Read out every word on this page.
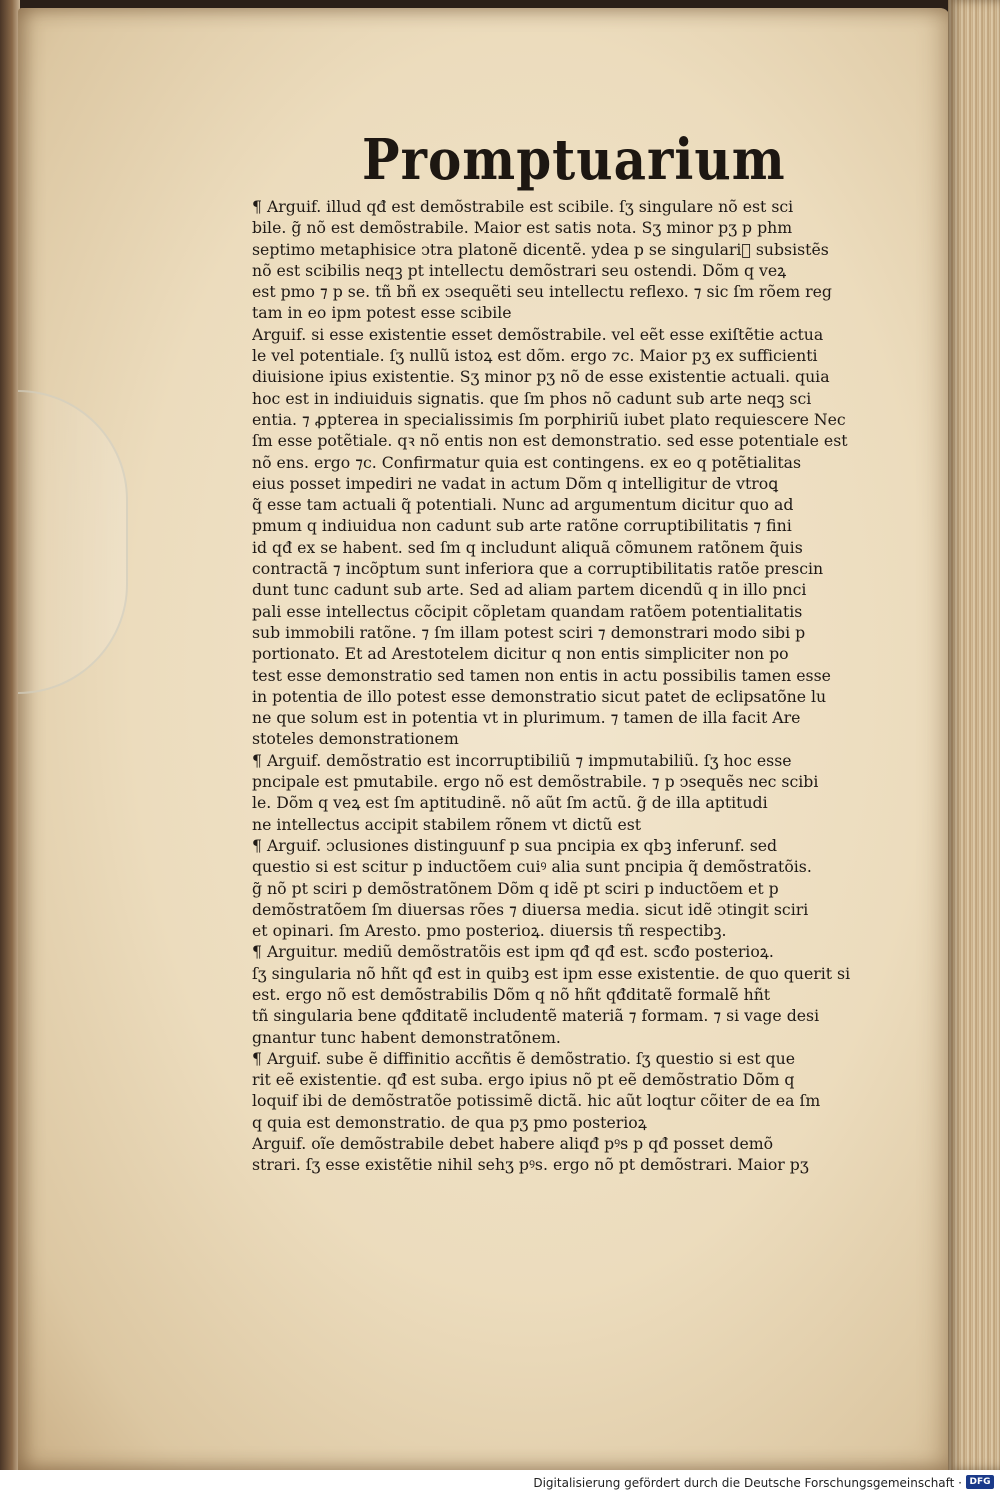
Promptuarium
¶ Arguif. illud qđ est demõstrabile est scibile. ſʒ singulare nõ est sci
bile. g̃ nõ est demõstrabile. Maior est satis nota. Sʒ minor pʒ p phm
septimo metaphisice ↄtra platonẽ dicentẽ. ydea p se singulariᷓ subsistẽs
nõ est scibilis neqꝫ pt intellectu demõstrari seu ostendi. Dõm q veꝝ
est pmo ⁊ p se. tñ bñ ex ↄsequẽti seu intellectu reflexo. ⁊ sic ſm rõem reg
tam in eo ipm potest esse scibile
Arguif. si esse existentie esset demõstrabile. vel eẽt esse exiſtẽtie actua
le vel potentiale. ſʒ nullũ istoꝝ est dõm. ergo ⁊c. Maior pʒ ex sufficienti
diuisione ipius existentie. Sʒ minor pʒ nõ de esse existentie actuali. quia
hoc est in indiuiduis signatis. que ſm phos nõ cadunt sub arte neqꝫ sci
entia. ⁊ ꝓpterea in specialissimis ſm porphiriũ iubet plato requiescere Nec
ſm esse potẽtiale. qꝛ nõ entis non est demonstratio. sed esse potentiale est
nõ ens. ergo ⁊c. Confirmatur quia est contingens. ex eo q potẽtialitas
eius posset impediri ne vadat in actum Dõm q intelligitur de vtroꝗ
q̃ esse tam actuali q̃ potentiali. Nunc ad argumentum dicitur quo ad
pmum q indiuidua non cadunt sub arte ratõne corruptibilitatis ⁊ fini
id qđ ex se habent. sed ſm q includunt aliquã cõmunem ratõnem q̃uis
contractã ⁊ incõptum sunt inferiora que a corruptibilitatis ratõe prescin
dunt tunc cadunt sub arte. Sed ad aliam partem dicendũ q in illo pnci
pali esse intellectus cõcipit cõpletam quandam ratõem potentialitatis
sub immobili ratõne. ⁊ ſm illam potest sciri ⁊ demonstrari modo sibi p
portionato. Et ad Arestotelem dicitur q non entis simpliciter non po
test esse demonstratio sed tamen non entis in actu possibilis tamen esse
in potentia de illo potest esse demonstratio sicut patet de eclipsatõne lu
ne que solum est in potentia vt in plurimum. ⁊ tamen de illa facit Are
stoteles demonstrationem
¶ Arguif. demõstratio est incorruptibiliũ ⁊ impmutabiliũ. ſʒ hoc esse
pncipale est pmutabile. ergo nõ est demõstrabile. ⁊ p ↄsequẽs nec scibi
le. Dõm q veꝝ est ſm aptitudinẽ. nõ aũt ſm actũ. g̃ de illa aptitudi
ne intellectus accipit stabilem rõnem vt dictũ est
¶ Arguif. ↄclusiones distinguunf p sua pncipia ex qbꝫ inferunf. sed
questio si est scitur p inductõem cuiꝰ alia sunt pncipia q̃ demõstratõis.
g̃ nõ pt sciri p demõstratõnem Dõm q idẽ pt sciri p inductõem et p
demõstratõem ſm diuersas rões ⁊ diuersa media. sicut idẽ ↄtingit sciri
et opinari. ſm Aresto. pmo posterioꝝ. diuersis tñ respectibꝫ.
¶ Arguitur. mediũ demõstratõis est ipm qđ qđ est. scđo posterioꝝ.
ſʒ singularia nõ hñt qđ est in quibꝫ est ipm esse existentie. de quo querit si
est. ergo nõ est demõstrabilis Dõm q nõ hñt qđditatẽ formalẽ hñt
tñ singularia bene qđditatẽ includentẽ materiã ⁊ formam. ⁊ si vage desi
gnantur tunc habent demonstratõnem.
¶ Arguif. sube ẽ diffinitio accñtis ẽ demõstratio. ſʒ questio si est que
rit eẽ existentie. qđ est suba. ergo ipius nõ pt eẽ demõstratio Dõm q
loquif ibi de demõstratõe potissimẽ dictã. hic aũt loqtur cõiter de ea ſm
q quia est demonstratio. de qua pʒ pmo posterioꝝ
Arguif. oĩe demõstrabile debet habere aliqđ pꝰs p qđ posset demõ
strari. ſʒ esse existẽtie nihil sehʒ pꝰs. ergo nõ pt demõstrari. Maior pʒ
Digitalisierung gefördert durch die Deutsche Forschungsgemeinschaft · DFG
